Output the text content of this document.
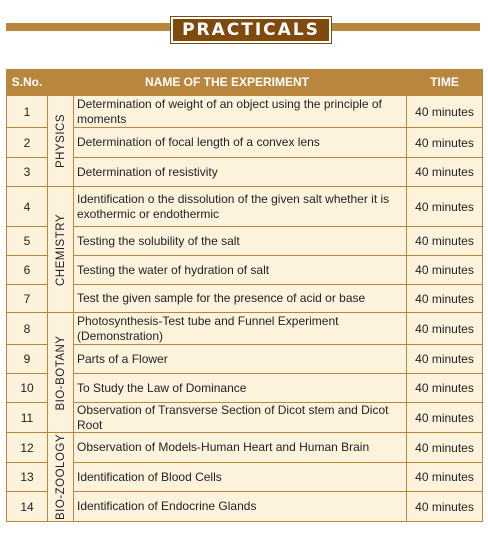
PRACTICALS
S.No.	NAME OF THE EXPERIMENT		TIME
1	PHYSICS	Determination of weight of an object using the principle of moments	40 minutes
2		Determination of focal length of a convex lens	40 minutes
3		Determination of resistivity	40 minutes
4	CHEMISTRY	Identification o the dissolution of the given salt whether it is exothermic or endothermic	40 minutes
5		Testing the solubility of the salt	40 minutes
6		Testing the water of hydration of salt	40 minutes
7		Test the given sample for the presence of acid or base	40 minutes
8	BIO-BOTANY	Photosynthesis-Test tube and Funnel Experiment (Demonstration)	40 minutes
9		Parts of a Flower	40 minutes
10		To Study the Law of Dominance	40 minutes
11		Observation of Transverse Section of Dicot stem and Dicot Root	40 minutes
12	BIO-ZOOLOGY	Observation of Models-Human Heart and Human Brain	40 minutes
13		Identification of Blood Cells	40 minutes
14		Identification of Endocrine Glands	40 minutes
